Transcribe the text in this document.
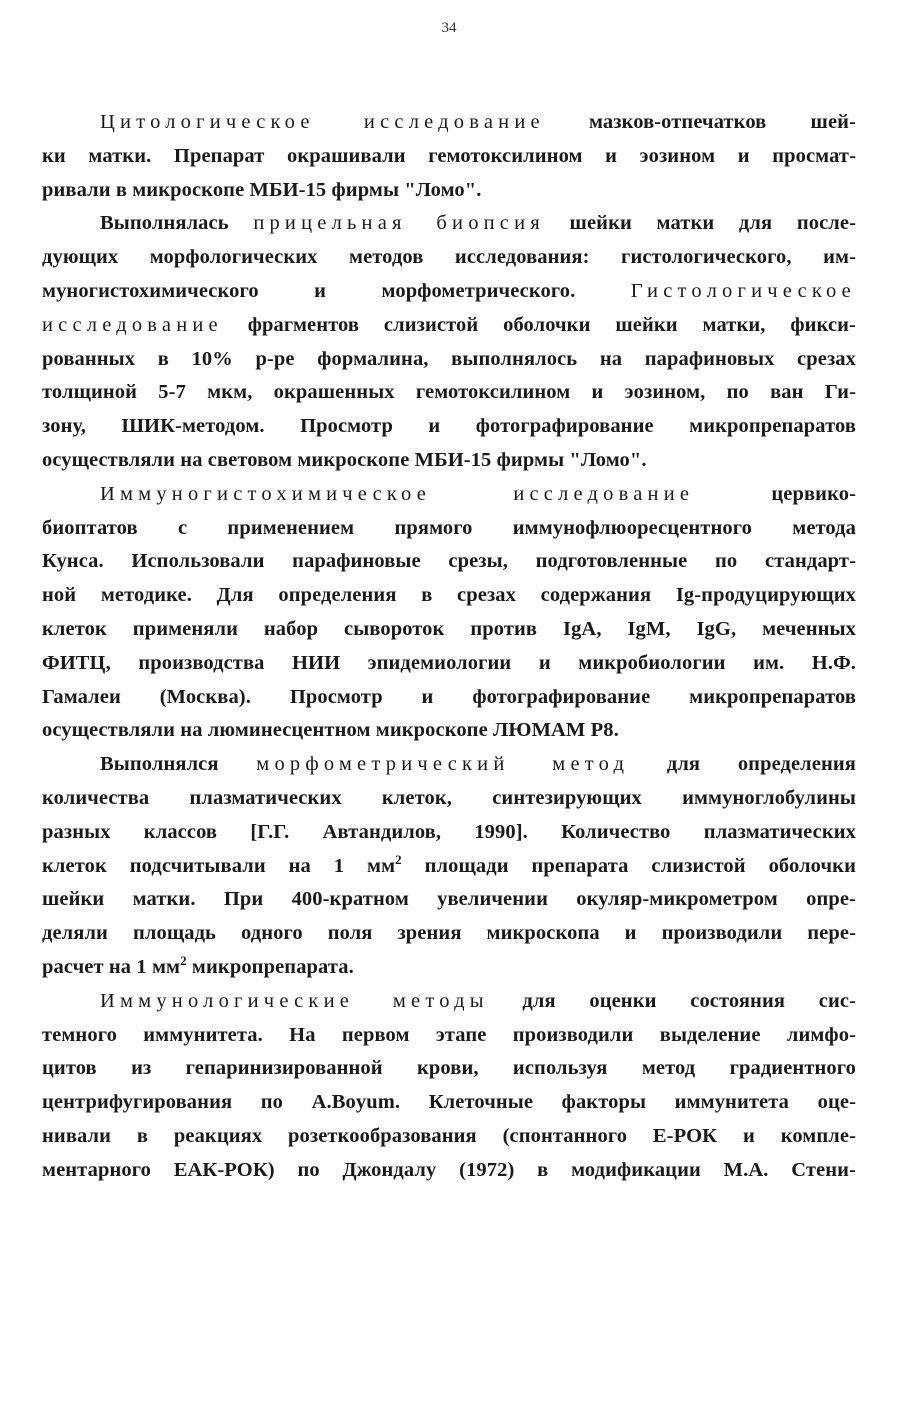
34
Цитологическое исследование мазков-отпечатков шей-
ки матки. Препарат окрашивали гемотоксилином и эозином и просмат-
ривали в микроскопе МБИ-15 фирмы "Ломо".
Выполнялась прицельная биопсия шейки матки для после-
дующих морфологических методов исследования: гистологического, им-
муногистохимического и морфометрического. Гистологическое
исследование фрагментов слизистой оболочки шейки матки, фикси-
рованных в 10% р-ре формалина, выполнялось на парафиновых срезах
толщиной 5-7 мкм, окрашенных гемотоксилином и эозином, по ван Ги-
зону, ШИК-методом. Просмотр и фотографирование микропрепаратов
осуществляли на световом микроскопе МБИ-15 фирмы "Ломо".
Иммуногистохимическое исследование цервико-
биоптатов с применением прямого иммунофлюоресцентного метода
Кунса. Использовали парафиновые срезы, подготовленные по стандарт-
ной методике. Для определения в срезах содержания Ig-продуцирующих
клеток применяли набор сывороток против IgA, IgM, IgG, меченных
ФИТЦ, производства НИИ эпидемиологии и микробиологии им. Н.Ф.
Гамалеи (Москва). Просмотр и фотографирование микропрепаратов
осуществляли на люминесцентном микроскопе ЛЮМАМ Р8.
Выполнялся морфометрический метод для определения
количества плазматических клеток, синтезирующих иммуноглобулины
разных классов [Г.Г. Автандилов, 1990]. Количество плазматических
клеток подсчитывали на 1 $мм^2$ площади препарата слизистой оболочки
шейки матки. При 400-кратном увеличении окуляр-микрометром опре-
деляли площадь одного поля зрения микроскопа и производили пере-
расчет на 1 $мм^2$ микропрепарата.
Иммунологические методы для оценки состояния сис-
темного иммунитета. На первом этапе производили выделение лимфо-
цитов из гепаринизированной крови, используя метод градиентного
центрифугирования по A.Boyum. Клеточные факторы иммунитета оце-
нивали в реакциях розеткообразования (спонтанного Е-РОК и компле-
ментарного ЕАК-РОК) по Джондалу (1972) в модификации М.А. Стени-
